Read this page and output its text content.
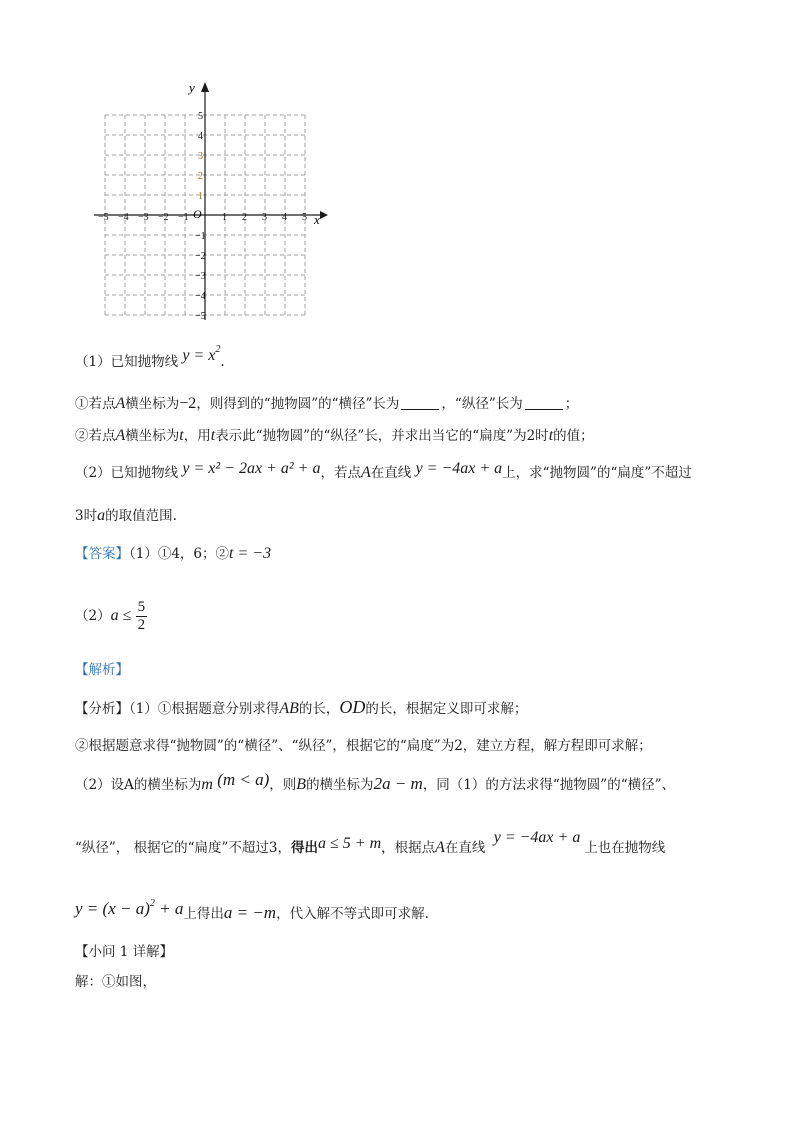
x
y
O
−5 −4 −3 −2 −1	1 2 3 4 5
5
4
3
2
1
−1
−2
−3
−4
−5
（1）已知抛物线 $y = x^2$.
①若点A横坐标为−2，则得到的“抛物圆”的“横径”长为	，“纵径”长为	；
②若点A横坐标为t，用t表示此“抛物圆”的“纵径”长，并求出当它的“扁度”为2时t的值；
（2）已知抛物线 y = x² − 2ax + a² + a，若点A在直线 y = −4ax + a上，求“抛物圆”的“扁度”不超过
3时a的取值范围.
【答案】（1）①4，6；②t = −3
$(2)a \le \frac{5}{2}$
【解析】
【分析】（1）①根据题意分别求得AB的长，OD的长，根据定义即可求解；
②根据题意求得“抛物圆”的“横径”、“纵径”，根据它的“扁度”为2，建立方程，解方程即可求解；
（2）设A的横坐标为m (m < a)，则B的横坐标为2a − m，同（1）的方法求得“抛物圆”的“横径”、
“纵径”， 根据它的“扁度”不超过3，得出a ≤ 5 + m，根据点A在直线 y = −4ax + a上也在抛物线
$y = (x - a)^2 + a$上得出a = −m，代入解不等式即可求解.
【小问 1 详解】
解：①如图，
